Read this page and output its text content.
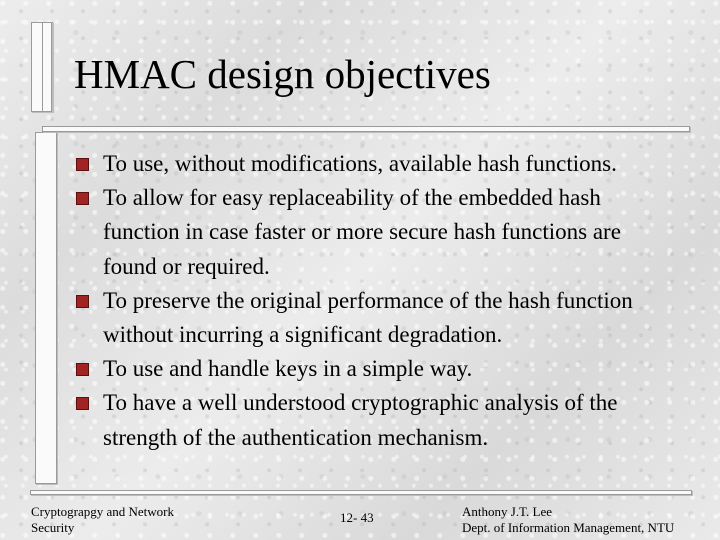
HMAC design objectives
To use, without modifications, available hash functions.
To allow for easy replaceability of the embedded hash function in case faster or more secure hash functions are found or required.
To preserve the original performance of the hash function without incurring a significant degradation.
To use and handle keys in a simple way.
To have a well understood cryptographic analysis of the strength of the authentication mechanism.
Cryptograpgy and Network Security
12- 43	Anthony J.T. Lee
Dept. of Information Management, NTU
